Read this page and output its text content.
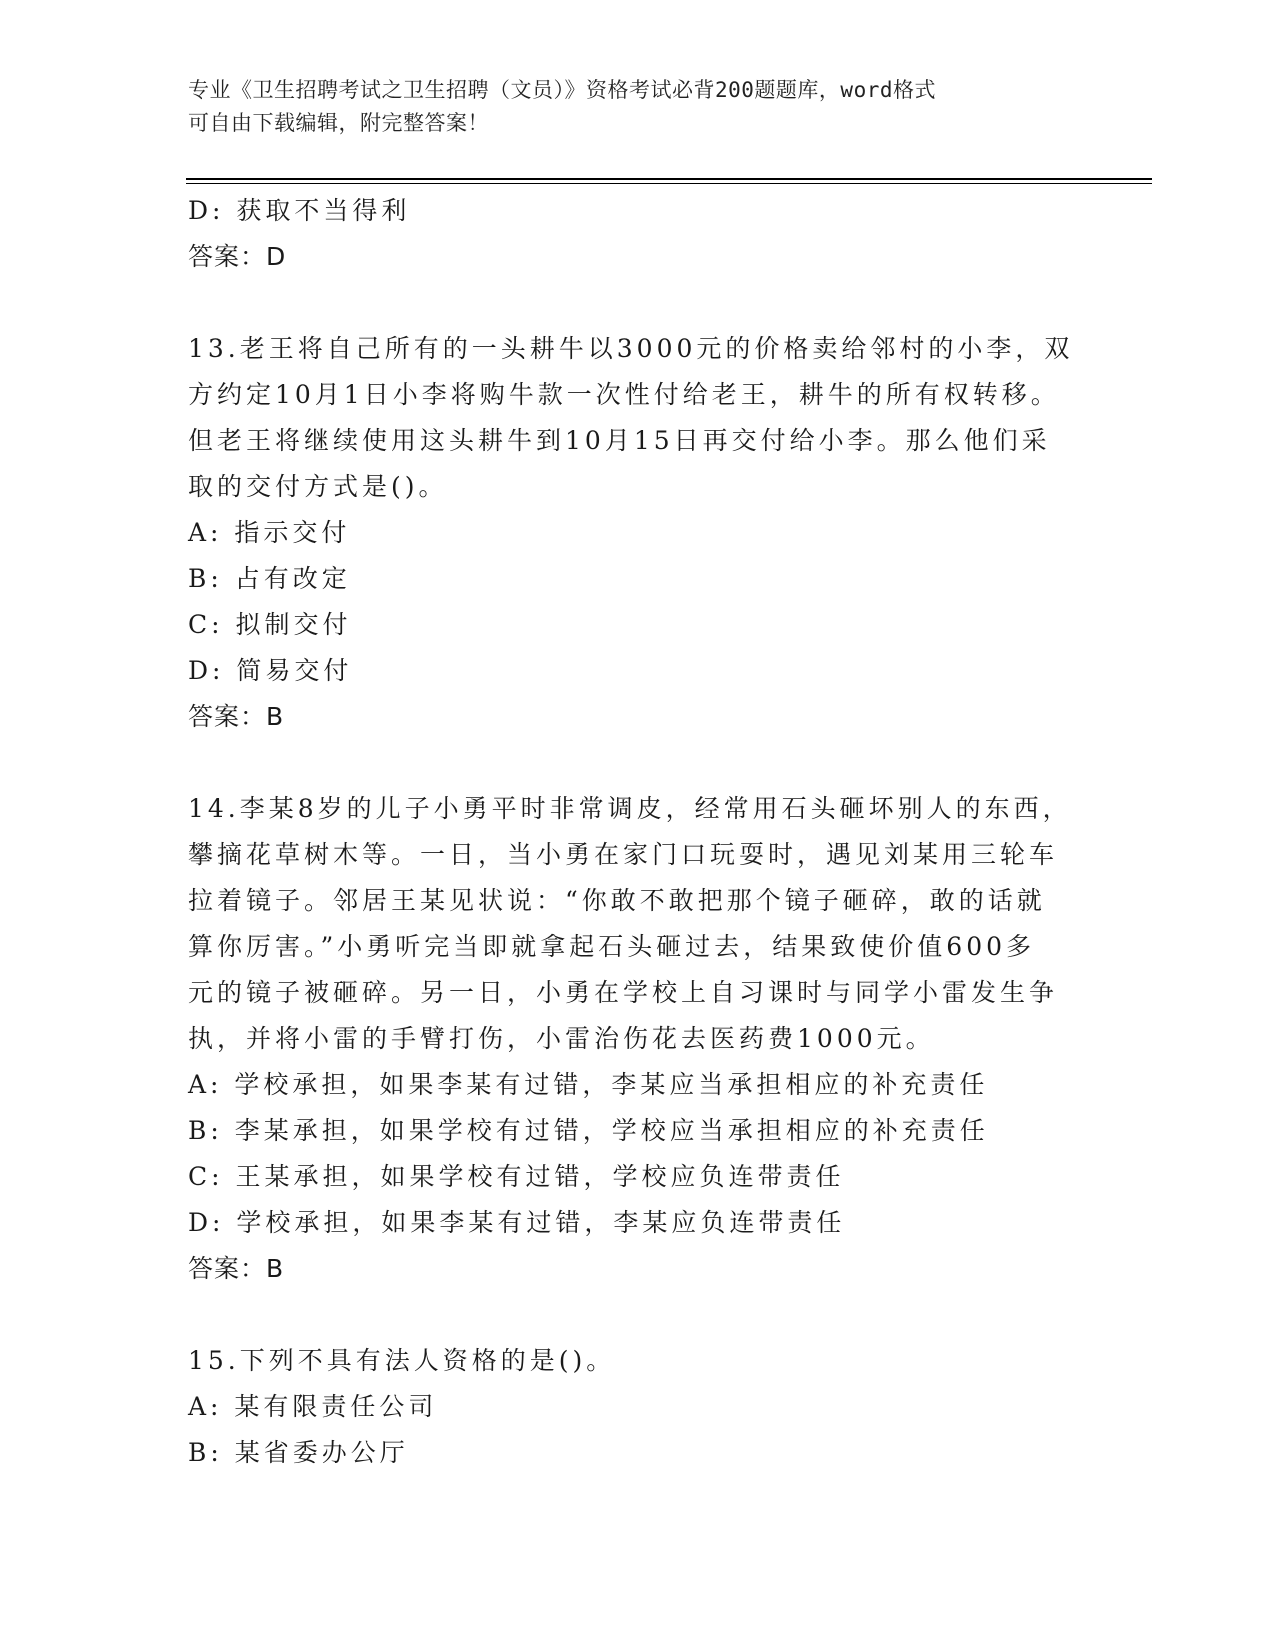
专业《卫生招聘考试之卫生招聘（文员）》资格考试必背200题题库，word格式
可自由下载编辑，附完整答案！

D: 获取不当得利

答案：D

13.老王将自己所有的一头耕牛以3000元的价格卖给邻村的小李，双

方约定10月1日小李将购牛款一次性付给老王，耕牛的所有权转移。

但老王将继续使用这头耕牛到10月15日再交付给小李。那么他们采

取的交付方式是()。

A: 指示交付

B: 占有改定

C: 拟制交付

D: 简易交付

答案：B

14.李某8岁的儿子小勇平时非常调皮，经常用石头砸坏别人的东西，

攀摘花草树木等。一日，当小勇在家门口玩耍时，遇见刘某用三轮车

拉着镜子。邻居王某见状说：“你敢不敢把那个镜子砸碎，敢的话就

算你厉害。”小勇听完当即就拿起石头砸过去，结果致使价值600多

元的镜子被砸碎。另一日，小勇在学校上自习课时与同学小雷发生争

执，并将小雷的手臂打伤，小雷治伤花去医药费1000元。

A: 学校承担，如果李某有过错，李某应当承担相应的补充责任

B: 李某承担，如果学校有过错，学校应当承担相应的补充责任

C: 王某承担，如果学校有过错，学校应负连带责任

D: 学校承担，如果李某有过错，李某应负连带责任

答案：B

15.下列不具有法人资格的是()。

A: 某有限责任公司

B: 某省委办公厅
